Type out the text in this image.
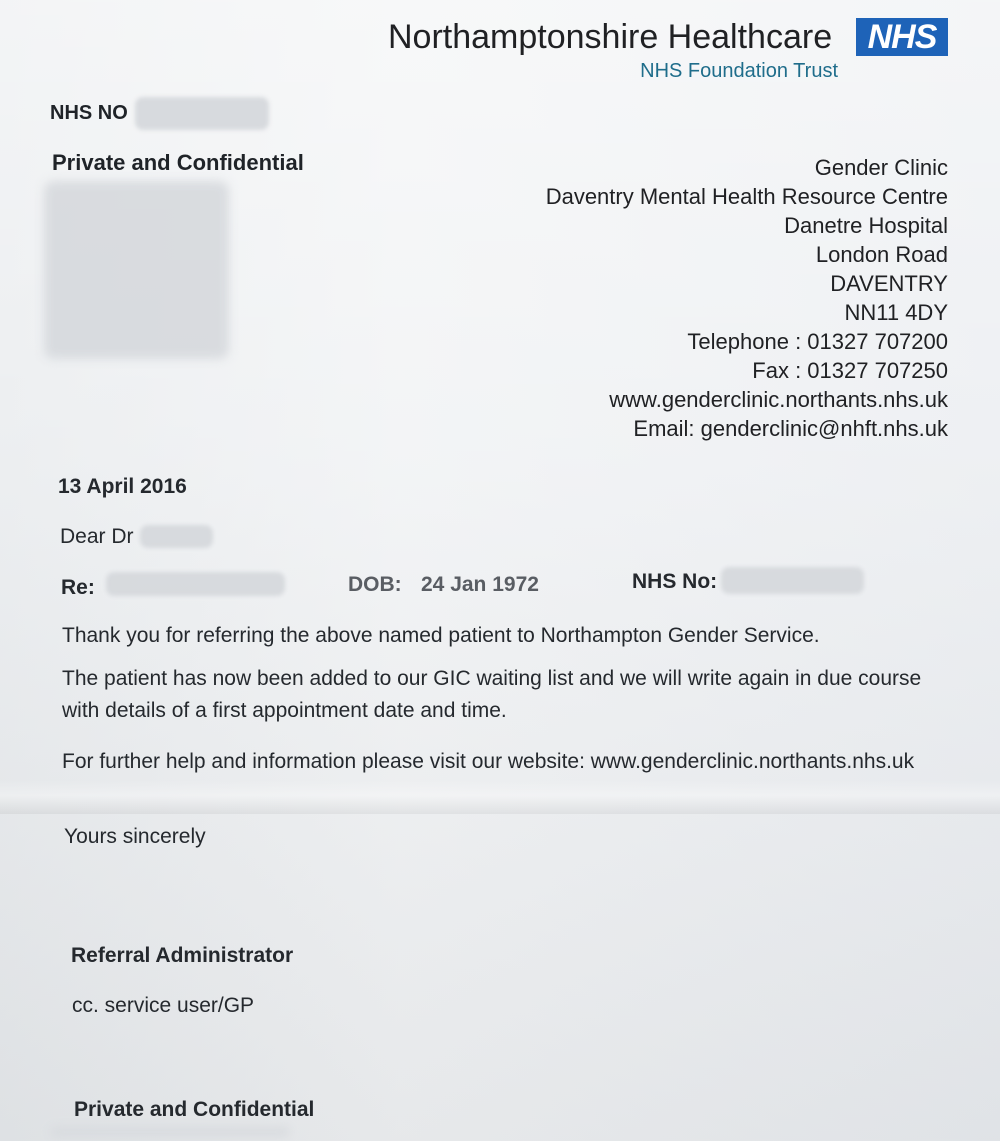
Northamptonshire Healthcare	NHS
NHS Foundation Trust
NHS NO
Private and Confidential	Gender Clinic
Daventry Mental Health Resource Centre
Danetre Hospital
London Road
DAVENTRY
NN11 4DY
Telephone : 01327 707200
Fax : 01327 707250
www.genderclinic.northants.nhs.uk
Email: genderclinic@nhft.nhs.uk
13 April 2016
Dear Dr
Re:	DOB: 24 Jan 1972	NHS No:
Thank you for referring the above named patient to Northampton Gender Service.
The patient has now been added to our GIC waiting list and we will write again in due course
with details of a first appointment date and time.
For further help and information please visit our website: www.genderclinic.northants.nhs.uk
Yours sincerely
Referral Administrator
cc. service user/GP
Private and Confidential
